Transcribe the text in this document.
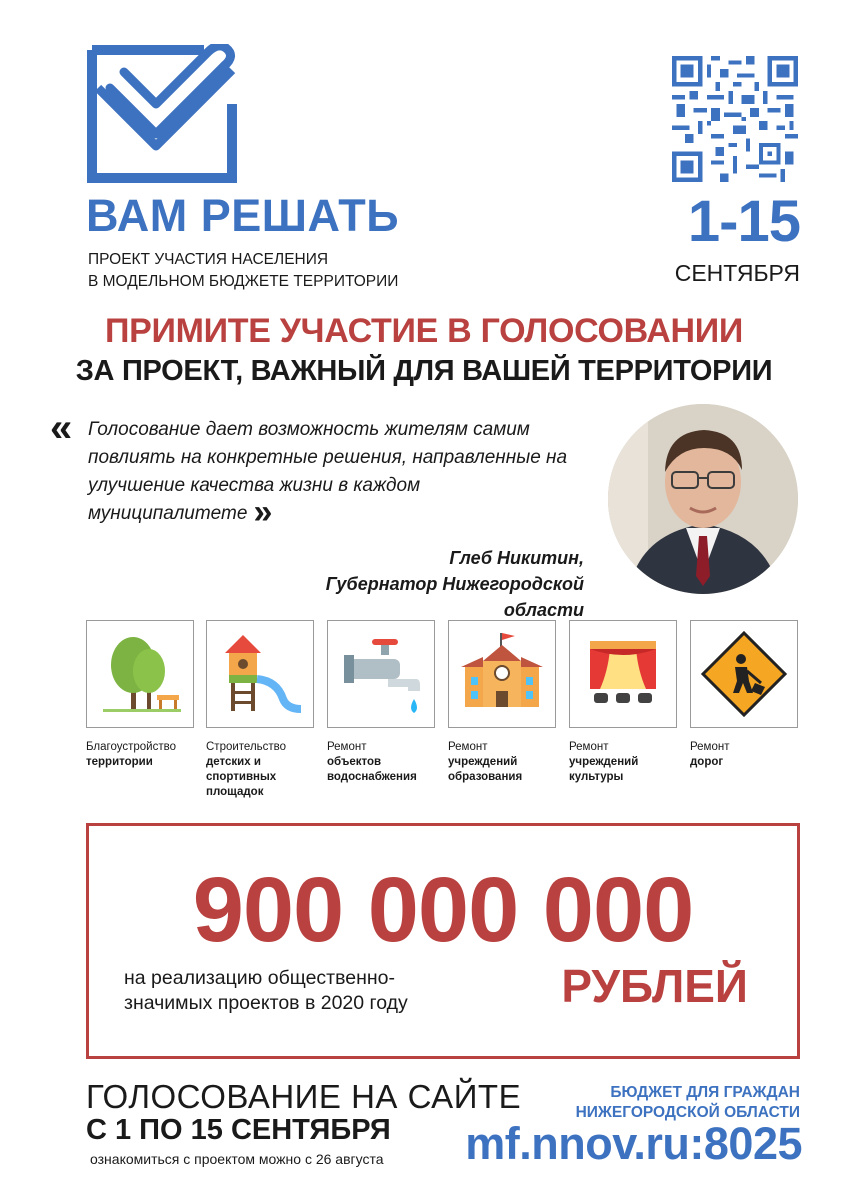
ВАМ РЕШАТЬ
ПРОЕКТ УЧАСТИЯ НАСЕЛЕНИЯ
В МОДЕЛЬНОМ БЮДЖЕТЕ ТЕРРИТОРИИ
1-15
СЕНТЯБРЯ
ПРИМИТЕ УЧАСТИЕ В ГОЛОСОВАНИИ
ЗА ПРОЕКТ, ВАЖНЫЙ ДЛЯ ВАШЕЙ ТЕРРИТОРИИ
« Голосование дает возможность жителям самим повлиять на конкретные решения, направленные на улучшение качества жизни в каждом муниципалитете »
Глеб Никитин,
Губернатор Нижегородской области
Благоустройство
территории
Строительство
детских и спортивных площадок
Ремонт
объектов водоснабжения
Ремонт
учреждений образования
Ремонт
учреждений культуры
Ремонт
дорог
900 000 000
на реализацию общественно-
значимых проектов в 2020 году	РУБЛЕЙ
ГОЛОСОВАНИЕ НА САЙТЕ
С 1 ПО 15 СЕНТЯБРЯ
ознакомиться с проектом можно с 26 августа
БЮДЖЕТ ДЛЯ ГРАЖДАН
НИЖЕГОРОДСКОЙ ОБЛАСТИ
mf.nnov.ru:8025
